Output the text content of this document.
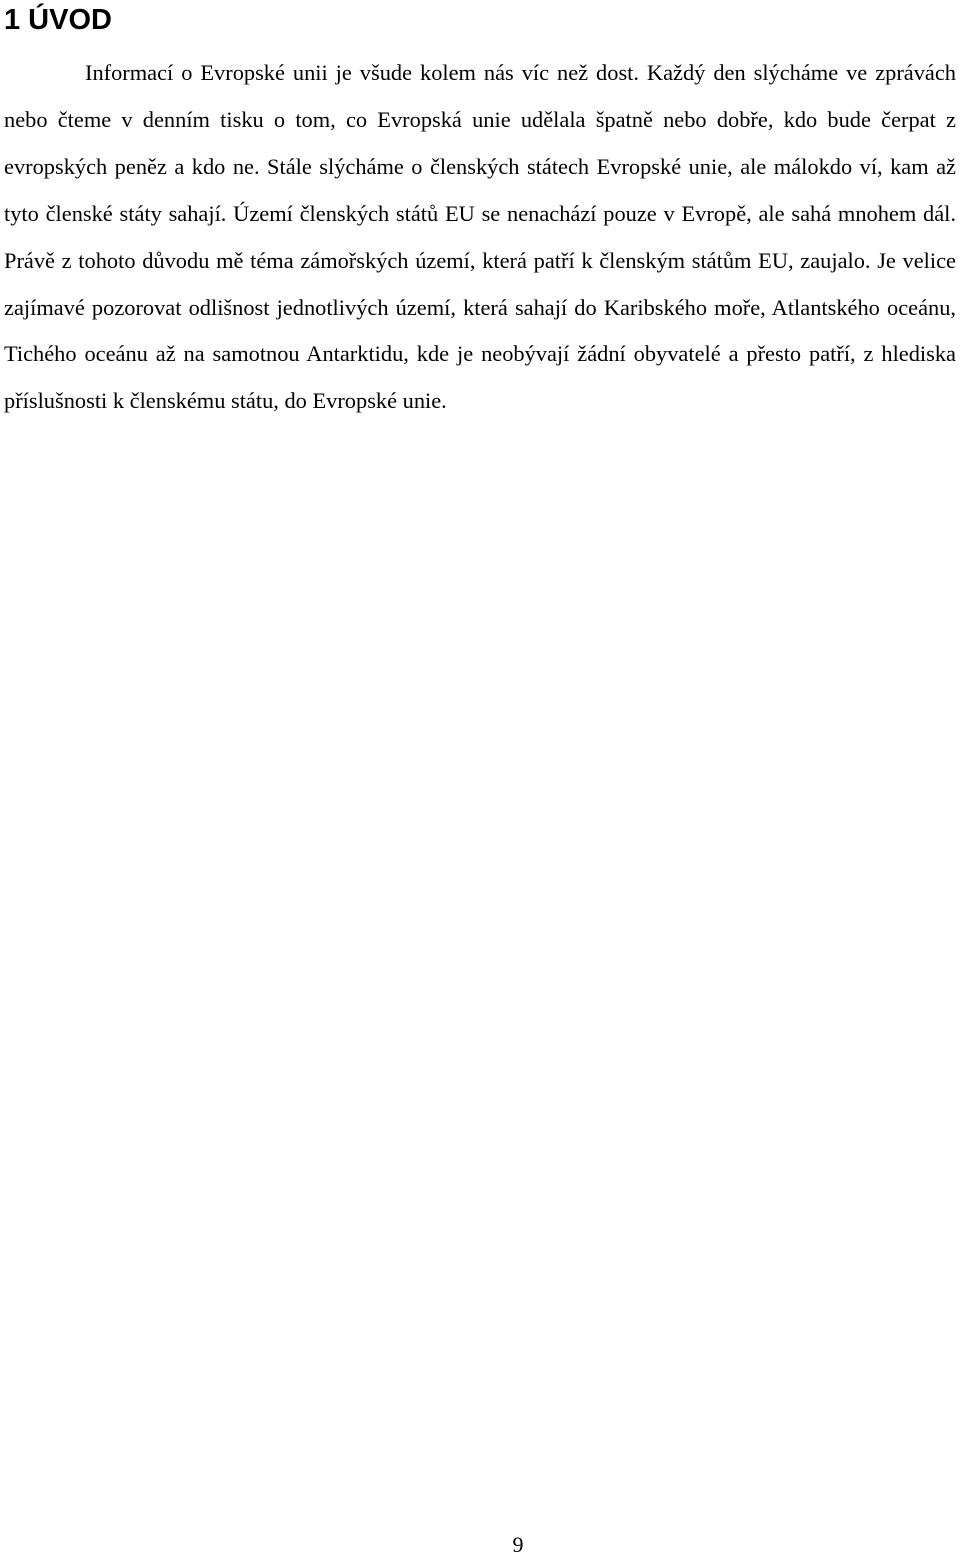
1 ÚVOD

Informací o Evropské unii je všude kolem nás víc než dost. Každý den slýcháme ve zprávách nebo čteme v denním tisku o tom, co Evropská unie udělala špatně nebo dobře, kdo bude čerpat z evropských peněz a kdo ne. Stále slýcháme o členských státech Evropské unie, ale málokdo ví, kam až tyto členské státy sahají. Území členských států EU se nenachází pouze v Evropě, ale sahá mnohem dál. Právě z tohoto důvodu mě téma zámořských území, která patří k členským státům EU, zaujalo. Je velice zajímavé pozorovat odlišnost jednotlivých území, která sahají do Karibského moře, Atlantského oceánu, Tichého oceánu až na samotnou Antarktidu, kde je neobývají žádní obyvatelé a přesto patří, z hlediska příslušnosti k členskému státu, do Evropské unie.

9
